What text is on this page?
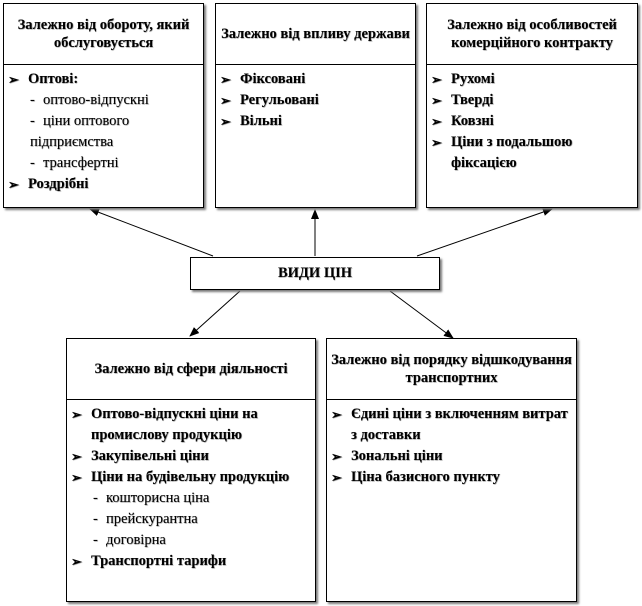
Залежно від обороту, який обслуговується
➢ Оптові:
- оптово-відпускні
- ціни оптового підприємства
- трансфертні
➢ Роздрібні
Залежно від впливу держави
➢ Фіксовані
➢ Регульовані
➢ Вільні
Залежно від особливостей комерційного контракту
➢ Рухомі
➢ Тверді
➢ Ковзні
➢ Ціни з подальшою фіксацією
ВИДИ ЦІН
Залежно від сфери діяльності
➢ Оптово-відпускні ціни на промислову продукцію
➢ Закупівельні ціни
➢ Ціни на будівельну продукцію
- кошторисна ціна
- прейскурантна
- договірна
➢ Транспортні тарифи
Залежно від порядку відшкодування транспортних
➢ Єдині ціни з включенням витрат з доставки
➢ Зональні ціни
➢ Ціна базисного пункту
